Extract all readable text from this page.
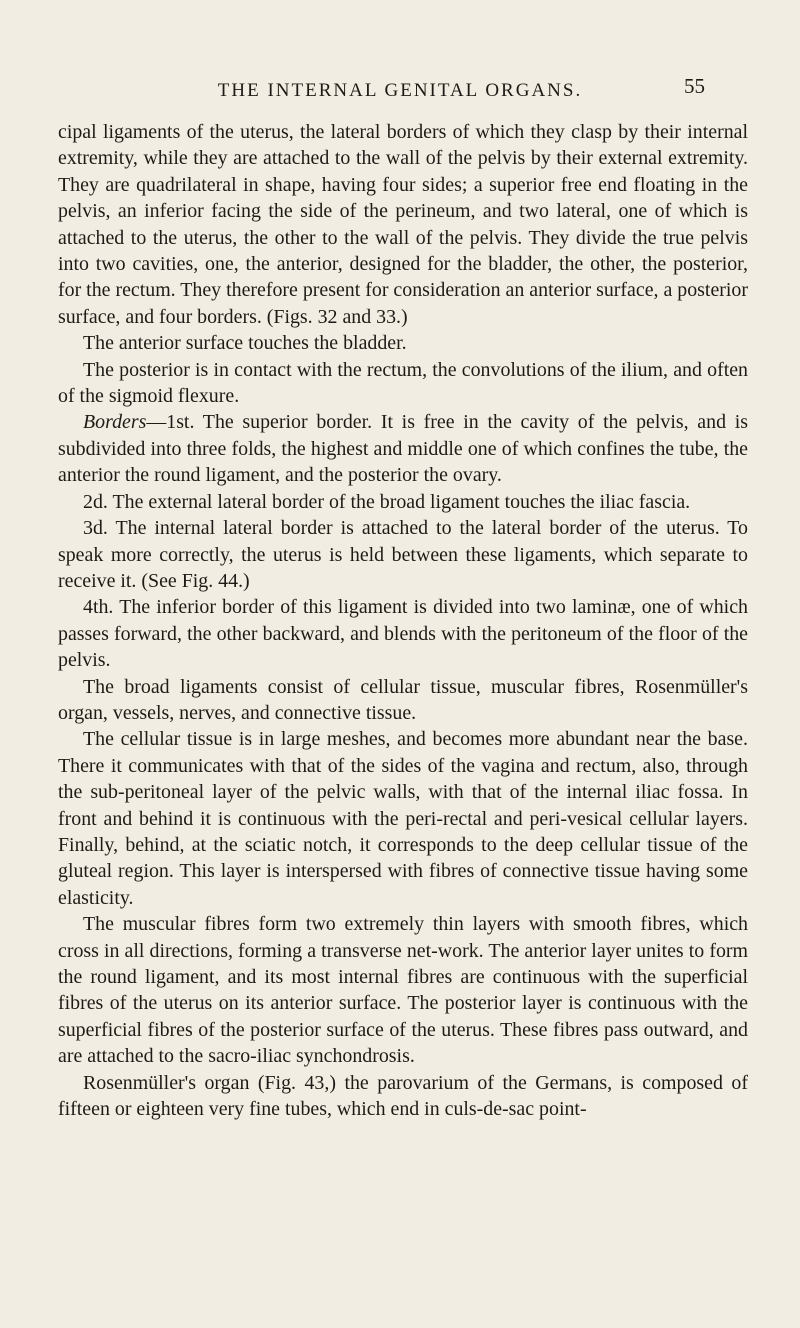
THE INTERNAL GENITAL ORGANS.	55

cipal ligaments of the uterus, the lateral borders of which they clasp by their internal extremity, while they are attached to the wall of the pelvis by their external extremity. They are quadrilateral in shape, having four sides; a superior free end floating in the pelvis, an inferior facing the side of the perineum, and two lateral, one of which is attached to the uterus, the other to the wall of the pelvis. They divide the true pelvis into two cavities, one, the anterior, designed for the bladder, the other, the posterior, for the rectum. They therefore present for consideration an anterior surface, a posterior surface, and four borders. (Figs. 32 and 33.)

The anterior surface touches the bladder.

The posterior is in contact with the rectum, the convolutions of the ilium, and often of the sigmoid flexure.

Borders—1st. The superior border. It is free in the cavity of the pelvis, and is subdivided into three folds, the highest and middle one of which confines the tube, the anterior the round ligament, and the posterior the ovary.

2d. The external lateral border of the broad ligament touches the iliac fascia.

3d. The internal lateral border is attached to the lateral border of the uterus. To speak more correctly, the uterus is held between these ligaments, which separate to receive it. (See Fig. 44.)

4th. The inferior border of this ligament is divided into two laminæ, one of which passes forward, the other backward, and blends with the peritoneum of the floor of the pelvis.

The broad ligaments consist of cellular tissue, muscular fibres, Rosenmüller's organ, vessels, nerves, and connective tissue.

The cellular tissue is in large meshes, and becomes more abundant near the base. There it communicates with that of the sides of the vagina and rectum, also, through the sub-peritoneal layer of the pelvic walls, with that of the internal iliac fossa. In front and behind it is continuous with the peri-rectal and peri-vesical cellular layers. Finally, behind, at the sciatic notch, it corresponds to the deep cellular tissue of the gluteal region. This layer is interspersed with fibres of connective tissue having some elasticity.

The muscular fibres form two extremely thin layers with smooth fibres, which cross in all directions, forming a transverse net-work. The anterior layer unites to form the round ligament, and its most internal fibres are continuous with the superficial fibres of the uterus on its anterior surface. The posterior layer is continuous with the superficial fibres of the posterior surface of the uterus. These fibres pass outward, and are attached to the sacro-iliac synchondrosis.

Rosenmüller's organ (Fig. 43,) the parovarium of the Germans, is composed of fifteen or eighteen very fine tubes, which end in culs-de-sac point-
